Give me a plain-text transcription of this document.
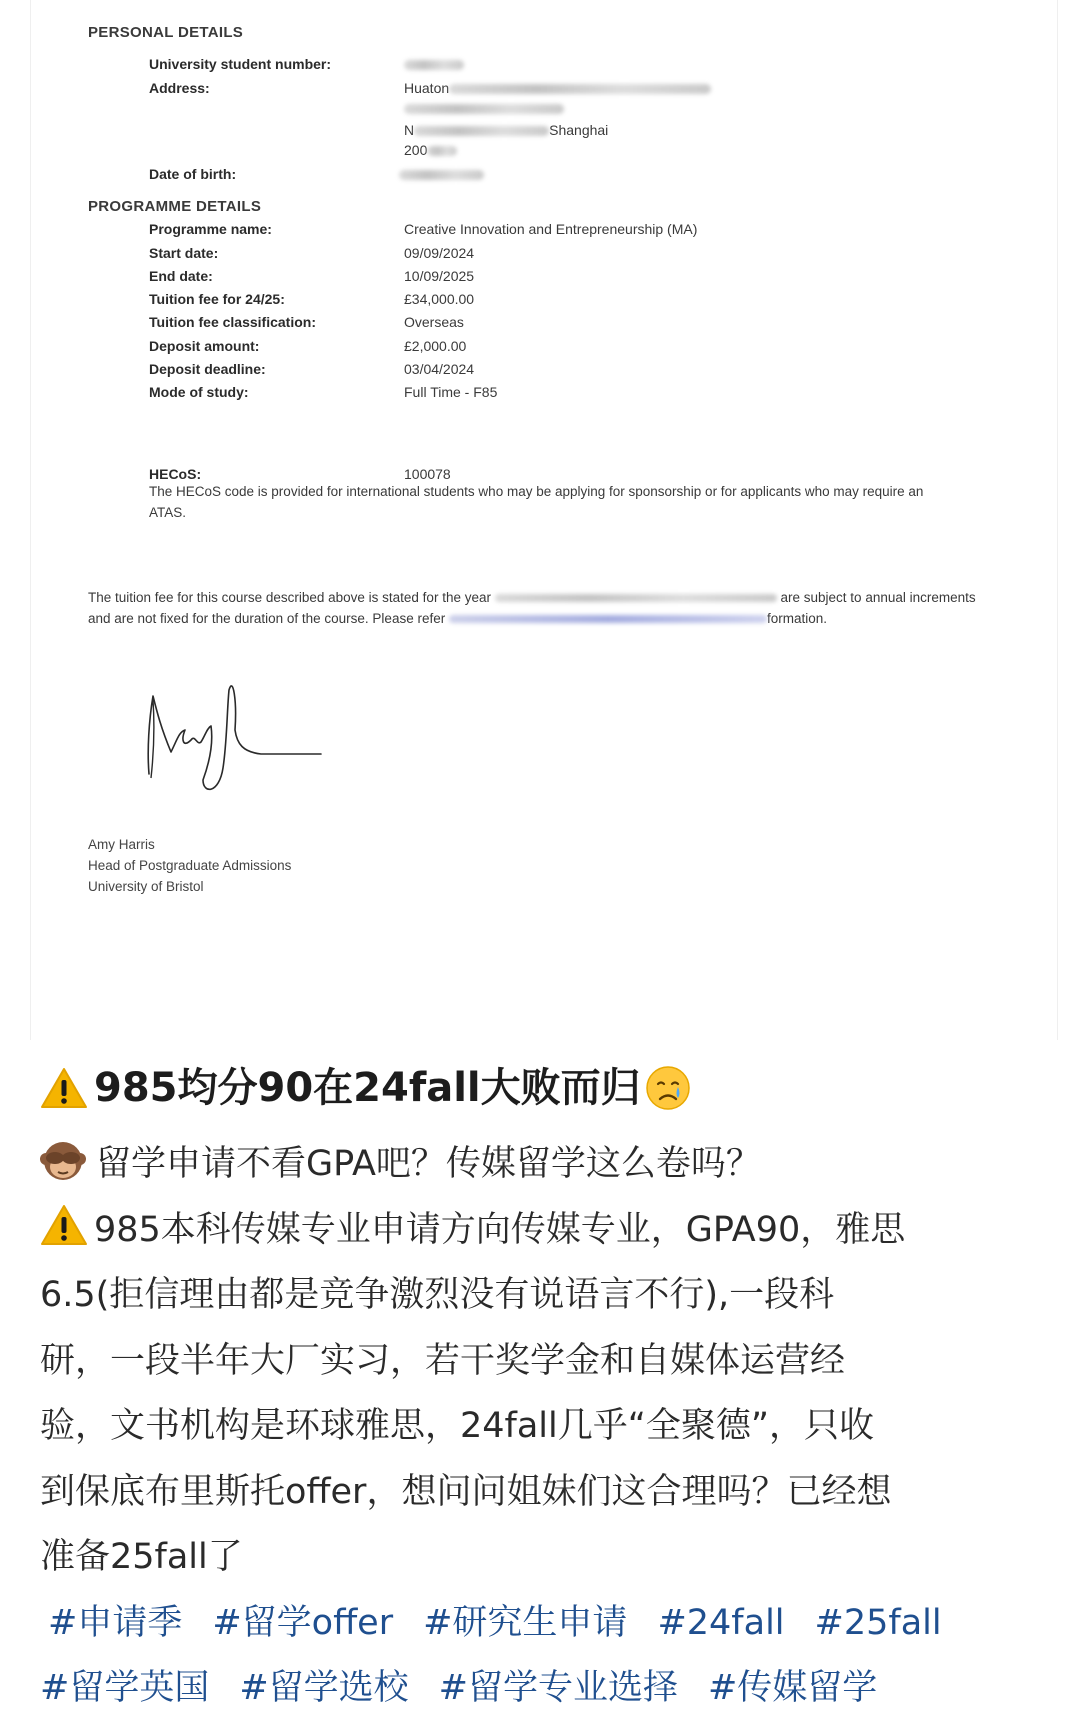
PERSONAL DETAILS
University student number:
Address:	Huaton
N	Shanghai
200
Date of birth:
PROGRAMME DETAILS
Programme name:	Creative Innovation and Entrepreneurship (MA)
Start date:	09/09/2024
End date:	10/09/2025
Tuition fee for 24/25:	£34,000.00
Tuition fee classification:	Overseas
Deposit amount:	£2,000.00
Deposit deadline:	03/04/2024
Mode of study:	Full Time - F85
HECoS:	100078
The HECoS code is provided for international students who may be applying for sponsorship or for applicants who may require an
ATAS.
The tuition fee for this course described above is stated for the year	are subject to annual increments
and are not fixed for the duration of the course. Please refer	formation.
Amy Harris
Head of Postgraduate Admissions
University of Bristol
985均分90在24fall大败而归
留学申请不看GPA吧？传媒留学这么卷吗？
985本科传媒专业申请方向传媒专业，GPA90，雅思
6.5(拒信理由都是竞争激烈没有说语言不行),一段科
研，一段半年大厂实习，若干奖学金和自媒体运营经
验，文书机构是环球雅思，24fall几乎“全聚德”，只收
到保底布里斯托offer，想问问姐妹们这合理吗？已经想
准备25fall了
#申请季 #留学offer #研究生申请 #24fall #25fall
#留学英国 #留学选校 #留学专业选择 #传媒留学
